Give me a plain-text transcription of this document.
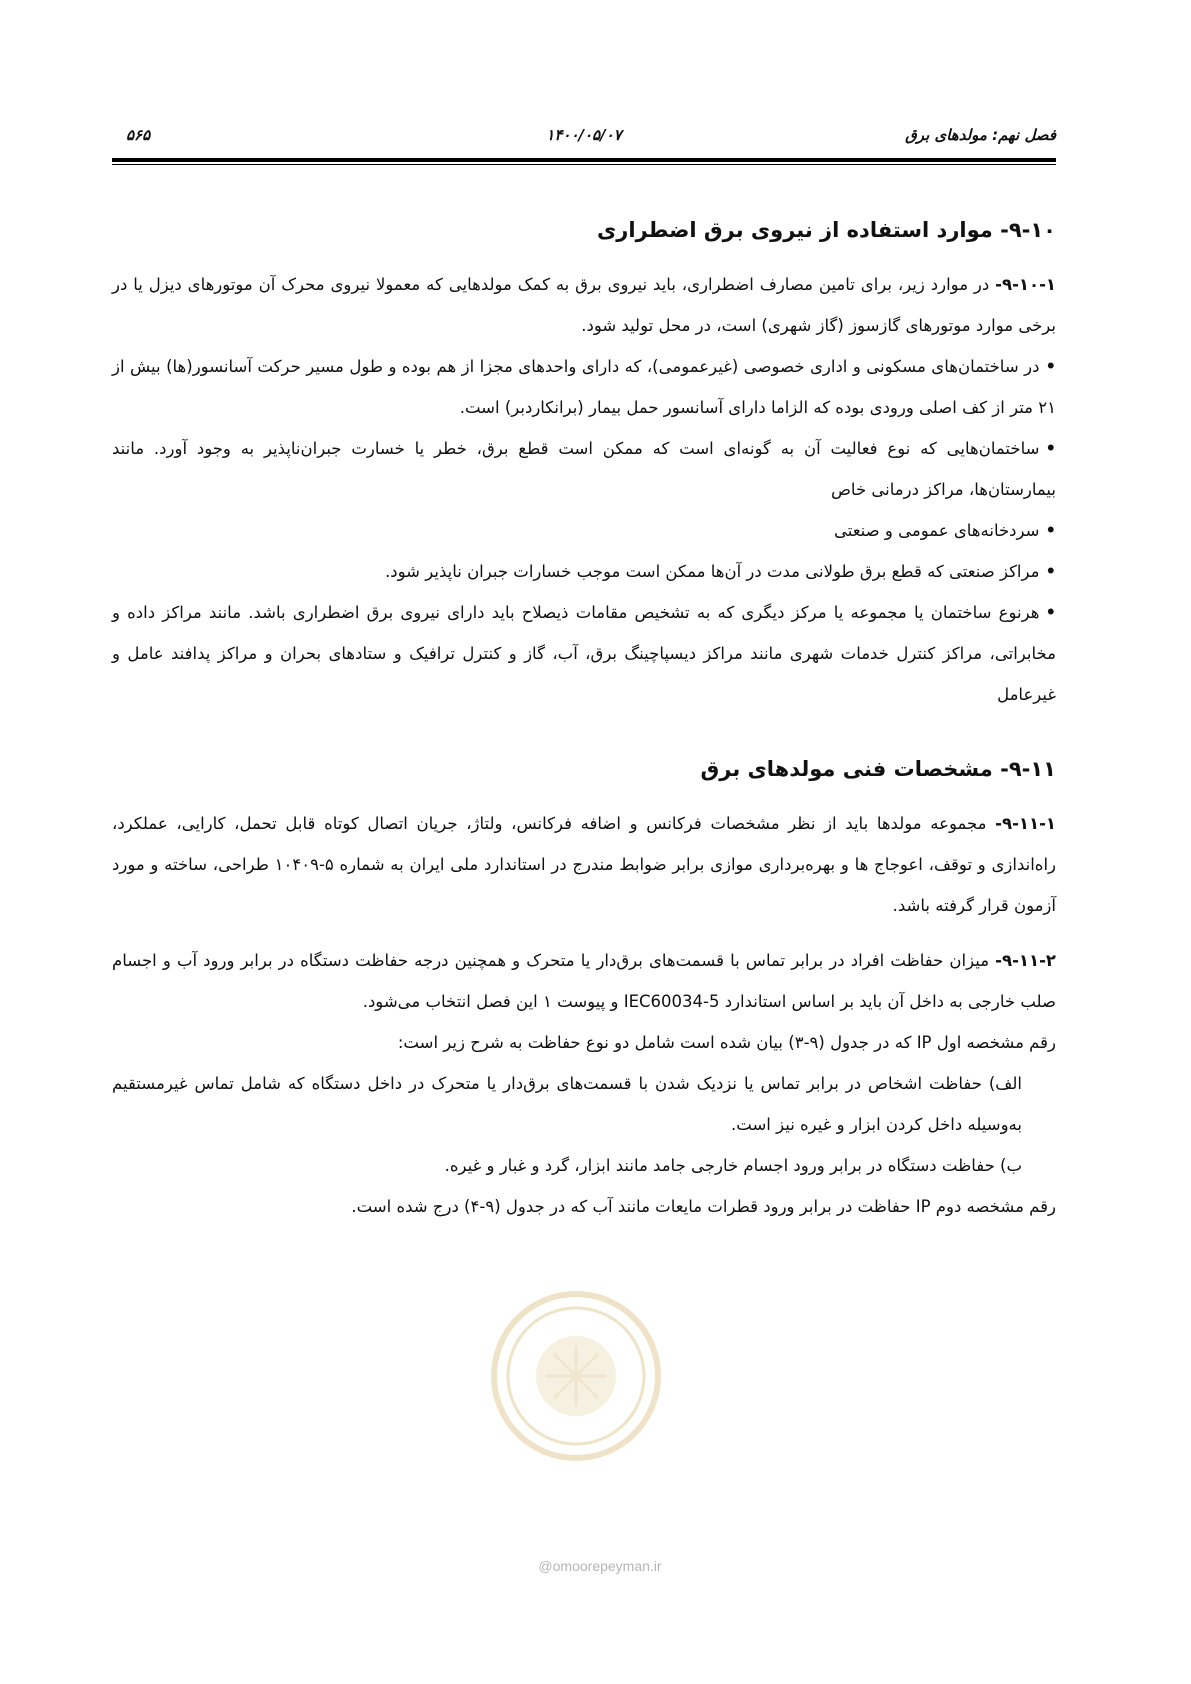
فصل نهم: مولدهای برق
۱۴۰۰/۰۵/۰۷
۵۶۵
۹-۱۰- موارد استفاده از نیروی برق اضطراری
۹-۱۰-۱- در موارد زیر، برای تامین مصارف اضطراری، باید نیروی برق به کمک مولدهایی که معمولا نیروی محرک آن موتورهای دیزل یا در برخی موارد موتورهای گازسوز (گاز شهری) است، در محل تولید شود.
•در ساختمان‌های مسکونی و اداری خصوصی (غیرعمومی)، که دارای واحدهای مجزا از هم بوده و طول مسیر حرکت آسانسور(ها) بیش از ۲۱ متر از کف اصلی ورودی بوده که الزاما دارای آسانسور حمل بیمار (برانکاردبر) است.
•ساختمان‌هایی که نوع فعالیت آن به گونه‌ای است که ممکن است قطع برق، خطر یا خسارت جبران‌ناپذیر به وجود آورد. مانند بیمارستان‌ها، مراکز درمانی خاص
•سردخانه‌های عمومی و صنعتی
•مراکز صنعتی که قطع برق طولانی مدت در آن‌ها ممکن است موجب خسارات جبران ناپذیر شود.
•هرنوع ساختمان یا مجموعه یا مرکز دیگری که به تشخیص مقامات ذیصلاح باید دارای نیروی برق اضطراری باشد. مانند مراکز داده و مخابراتی، مراکز کنترل خدمات شهری مانند مراکز دیسپاچینگ برق، آب، گاز و کنترل ترافیک و ستادهای بحران و مراکز پدافند عامل و غیرعامل
۹-۱۱- مشخصات فنی مولدهای برق
۹-۱۱-۱- مجموعه مولدها باید از نظر مشخصات فرکانس و اضافه فرکانس، ولتاژ، جریان اتصال کوتاه قابل تحمل، کارایی، عملکرد، راه‌اندازی و توقف، اعوجاج ها و بهره‌برداری موازی برابر ضوابط مندرج در استاندارد ملی ایران به شماره ۵-۱۰۴۰۹ طراحی، ساخته و مورد آزمون قرار گرفته باشد.
۹-۱۱-۲- میزان حفاظت افراد در برابر تماس با قسمت‌های برق‌دار یا متحرک و همچنین درجه حفاظت دستگاه در برابر ورود آب و اجسام صلب خارجی به داخل آن باید بر اساس استاندارد IEC60034-5 و پیوست ۱ این فصل انتخاب می‌شود.
رقم مشخصه اول IP که در جدول (۹-۳) بیان شده است شامل دو نوع حفاظت به شرح زیر است:
الف) حفاظت اشخاص در برابر تماس یا نزدیک شدن با قسمت‌های برق‌دار یا متحرک در داخل دستگاه که شامل تماس غیرمستقیم به‌وسیله داخل کردن ابزار و غیره نیز است.
ب) حفاظت دستگاه در برابر ورود اجسام خارجی جامد مانند ابزار، گرد و غبار و غیره.
رقم مشخصه دوم IP حفاظت در برابر ورود قطرات مایعات مانند آب که در جدول (۹-۴) درج شده است.
@omoorepeyman.ir
